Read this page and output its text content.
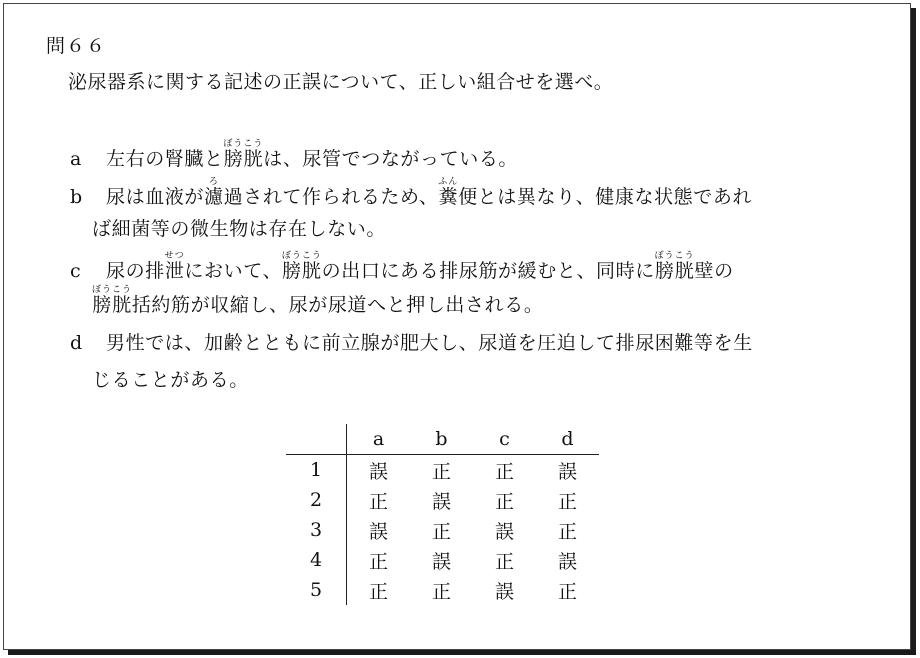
問６６
泌尿器系に関する記述の正誤について、正しい組合せを選べ。
a 左右の腎臓と膀胱ぼうこうは、尿管でつながっている。
b 尿は血液が濾ろ過されて作られるため、糞ふん便とは異なり、健康な状態であれ
ば細菌等の微生物は存在しない。
c 尿の排泄せつにおいて、膀胱ぼうこうの出口にある排尿筋が緩むと、同時に膀胱ぼうこう壁の
膀胱ぼうこう括約筋が収縮し、尿が尿道へと押し出される。
d 男性では、加齢とともに前立腺が肥大し、尿道を圧迫して排尿困難等を生
じることがある。
	a	b	c	d
1	誤	正	正	誤
2	正	誤	正	正
3	誤	正	誤	正
4	正	誤	正	誤
5	正	正	誤	正
